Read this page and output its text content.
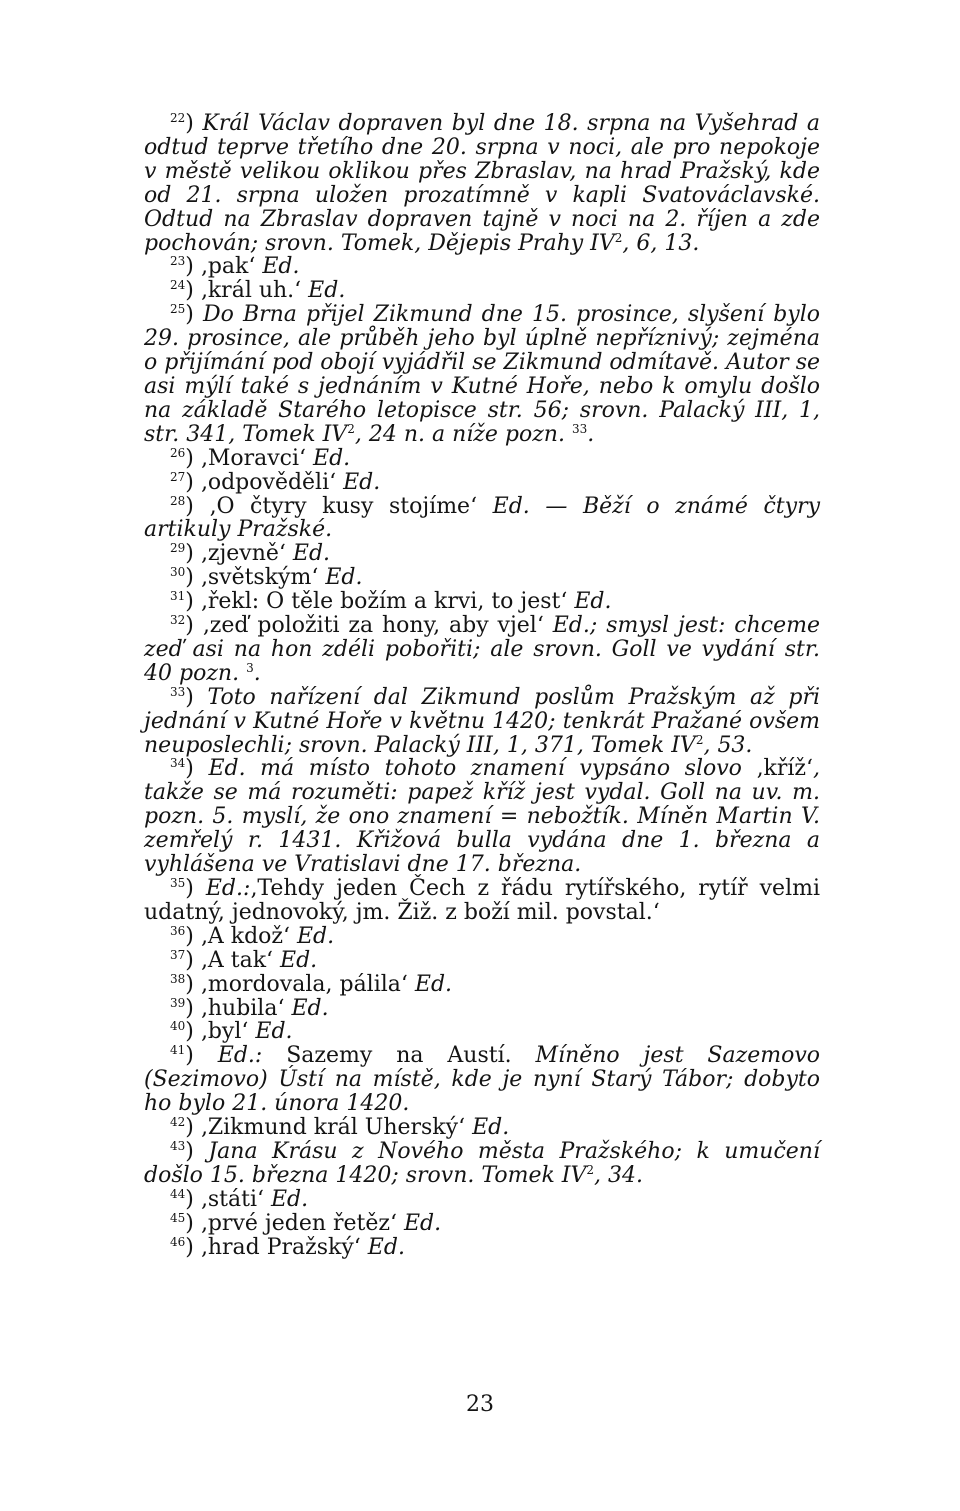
$^{22}$) Král Václav dopraven byl dne 18. srpna na Vyšehrad a odtud teprve třetího dne 20. srpna v noci, ale pro nepokoje v městě velikou oklikou přes Zbraslav, na hrad Pražský, kde od 21. srpna uložen prozatímně v kapli Svatováclavské. Odtud na Zbraslav dopraven tajně v noci na 2. říjen a zde pochován; srovn. Tomek, Dějepis Prahy $IV^2$, 6, 13.

$^{23}$) ‚pak‘ Ed.

$^{24}$) ‚král uh.‘ Ed.

$^{25}$) Do Brna přijel Zikmund dne 15. prosince, slyšení bylo 29. prosince, ale průběh jeho byl úplně nepříznivý; zejména o přijímání pod obojí vyjádřil se Zikmund odmítavě. Autor se asi mýlí také s jednáním v Kutné Hoře, nebo k omylu došlo na základě Starého letopisce str. 56; srovn. Palacký III, 1, str. 341, Tomek $IV^2$, 24 n. a níže pozn. $^{33}$.

$^{26}$) ‚Moravci‘ Ed.

$^{27}$) ‚odpověděli‘ Ed.

$^{28}$) ‚O čtyry kusy stojíme‘ Ed. — Běží o známé čtyry artikuly Pražské.

$^{29}$) ‚zjevně‘ Ed.

$^{30}$) ‚světským‘ Ed.

$^{31}$) ‚řekl: O těle božím a krvi, to jest‘ Ed.

$^{32}$) ‚zeď položiti za hony, aby vjel‘ Ed.; smysl jest: chceme zeď asi na hon zdéli pobořiti; ale srovn. Goll ve vydání str. 40 pozn. $^3$.

$^{33}$) Toto nařízení dal Zikmund poslům Pražským až při jednání v Kutné Hoře v květnu 1420; tenkrát Pražané ovšem neuposlechli; srovn. Palacký III, 1, 371, Tomek $IV^2$, 53.

$^{34}$) Ed. má místo tohoto znamení vypsáno slovo ‚kříž‘, takže se má rozuměti: papež kříž jest vydal. Goll na uv. m. pozn. 5. myslí, že ono znamení = nebožtík. Míněn Martin V. zemřelý r. 1431. Křižová bulla vydána dne 1. března a vyhlášena ve Vratislavi dne 17. března.

$^{35}$) Ed.:‚Tehdy jeden Čech z řádu rytířského, rytíř velmi udatný, jednovoký, jm. Žiž. z boží mil. povstal.‘

$^{36}$) ‚A kdož‘ Ed.

$^{37}$) ‚A tak‘ Ed.

$^{38}$) ‚mordovala, pálila‘ Ed.

$^{39}$) ‚hubila‘ Ed.

$^{40}$) ‚byl‘ Ed.

$^{41}$) Ed.: Sazemy na Austí. Míněno jest Sazemovo (Sezimovo) Ústí na místě, kde je nyní Starý Tábor; dobyto ho bylo 21. února 1420.

$^{42}$) ‚Zikmund král Uherský‘ Ed.

$^{43}$) Jana Krásu z Nového města Pražského; k umučení došlo 15. března 1420; srovn. Tomek $IV^2$, 34.

$^{44}$) ‚státi‘ Ed.

$^{45}$) ‚prvé jeden řetěz‘ Ed.

$^{46}$) ‚hrad Pražský‘ Ed.

23
